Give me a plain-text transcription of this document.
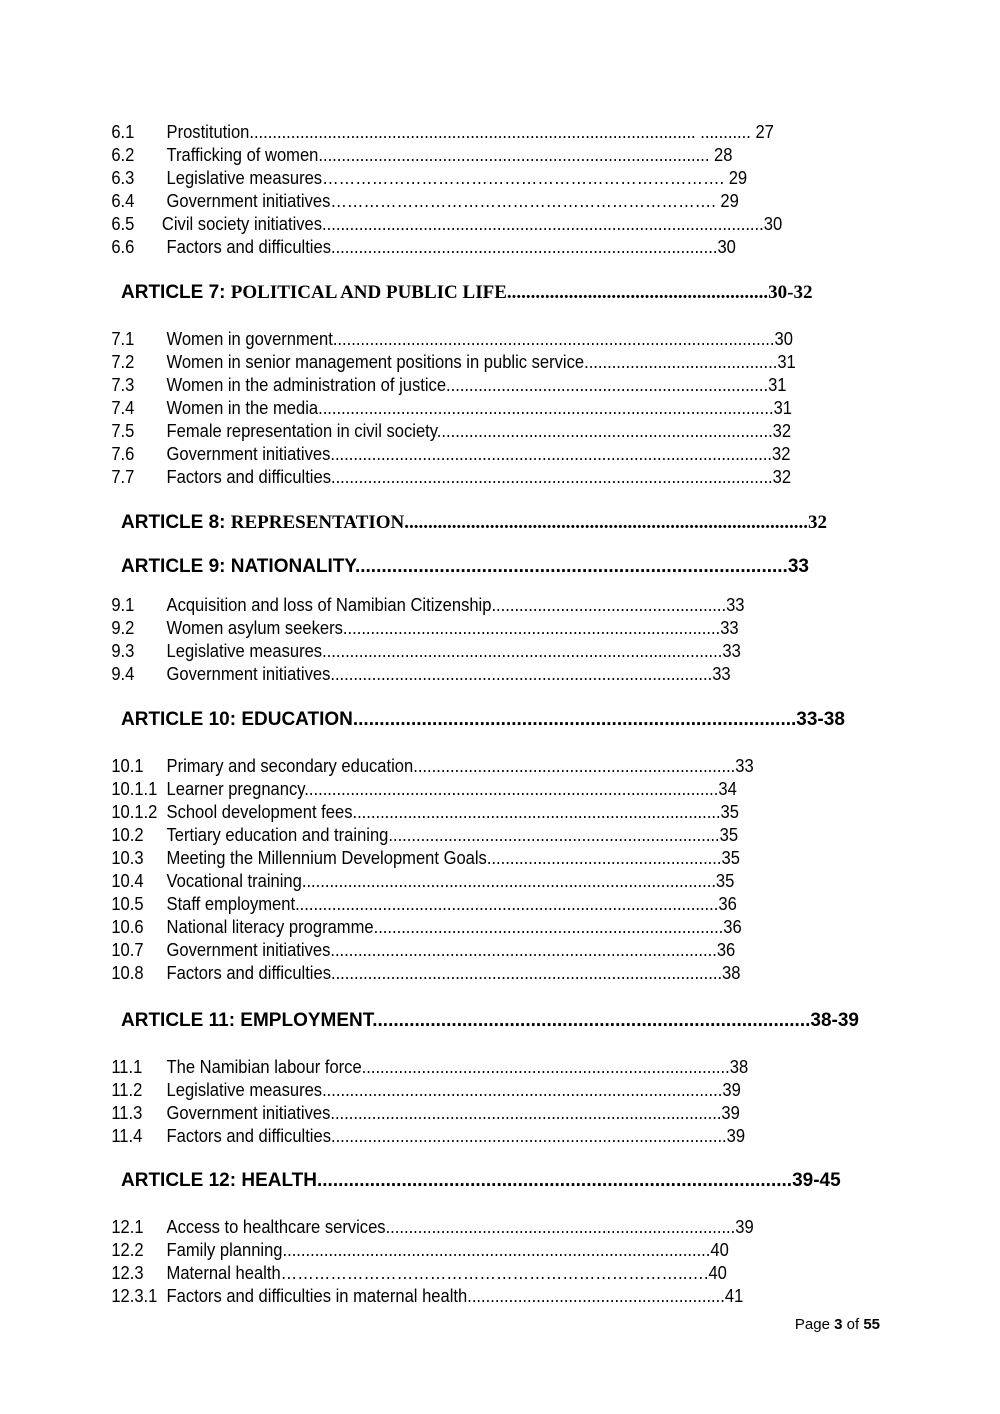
6.1 Prostitution................................................................................................. ........... 27
6.2 Trafficking of women..................................................................................... 28
6.3 Legislative measures………………………………………………………………. 29
6.4 Government initiatives……………………………………………………………. 29
6.5 Civil society initiatives................................................................................................30
6.6 Factors and difficulties....................................................................................30
ARTICLE 7: POLITICAL AND PUBLIC LIFE.......................................................30-32
7.1 Women in government................................................................................................30
7.2 Women in senior management positions in public service..........................................31
7.3 Women in the administration of justice......................................................................31
7.4 Women in the media...................................................................................................31
7.5 Female representation in civil society.........................................................................32
7.6 Government initiatives................................................................................................32
7.7 Factors and difficulties................................................................................................32
ARTICLE 8: REPRESENTATION.....................................................................................32
ARTICLE 9: NATIONALITY..................................................................................33
9.1 Acquisition and loss of Namibian Citizenship...................................................33
9.2 Women asylum seekers..................................................................................33
9.3 Legislative measures.......................................................................................33
9.4 Government initiatives...................................................................................33
ARTICLE 10: EDUCATION....................................................................................33-38
10.1 Primary and secondary education......................................................................33
10.1.1 Learner pregnancy..........................................................................................34
10.1.2 School development fees................................................................................35
10.2 Tertiary education and training........................................................................35
10.3 Meeting the Millennium Development Goals...................................................35
10.4 Vocational training..........................................................................................35
10.5 Staff employment............................................................................................36
10.6 National literacy programme............................................................................36
10.7 Government initiatives....................................................................................36
10.8 Factors and difficulties.....................................................................................38
ARTICLE 11: EMPLOYMENT...................................................................................38-39
11.1 The Namibian labour force................................................................................38
11.2 Legislative measures.......................................................................................39
11.3 Government initiatives.....................................................................................39
11.4 Factors and difficulties......................................................................................39
ARTICLE 12: HEALTH..........................................................................................39-45
12.1 Access to healthcare services............................................................................39
12.2 Family planning.............................................................................................40
12.3 Maternal health………………………………………………………………..….40
12.3.1 Factors and difficulties in maternal health........................................................41
Page 3 of 55
